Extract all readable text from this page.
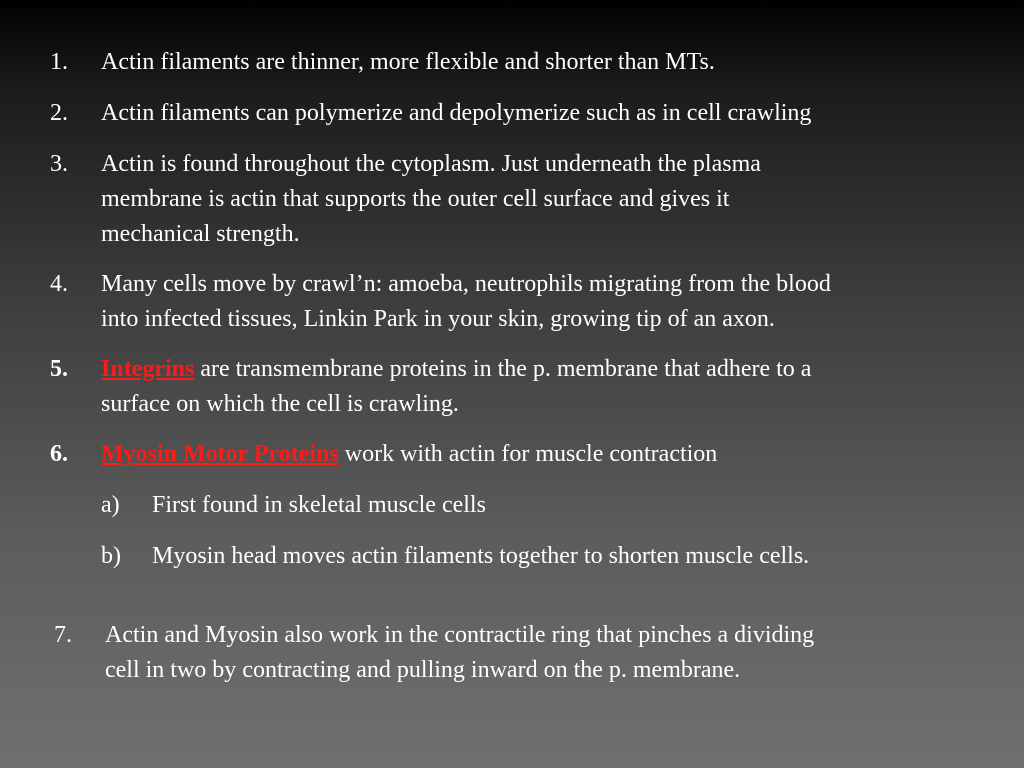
1. Actin filaments are thinner, more flexible and shorter than MTs.
2. Actin filaments can polymerize and depolymerize such as in cell crawling
3. Actin is found throughout the cytoplasm. Just underneath the plasma
membrane is actin that supports the outer cell surface and gives it
mechanical strength.
4. Many cells move by crawl’n: amoeba, neutrophils migrating from the blood
into infected tissues, Linkin Park in your skin, growing tip of an axon.
5. Integrins are transmembrane proteins in the p. membrane that adhere to a
surface on which the cell is crawling.
6. Myosin Motor Proteins work with actin for muscle contraction
a) First found in skeletal muscle cells
b) Myosin head moves actin filaments together to shorten muscle cells.
7. Actin and Myosin also work in the contractile ring that pinches a dividing
cell in two by contracting and pulling inward on the p. membrane.
